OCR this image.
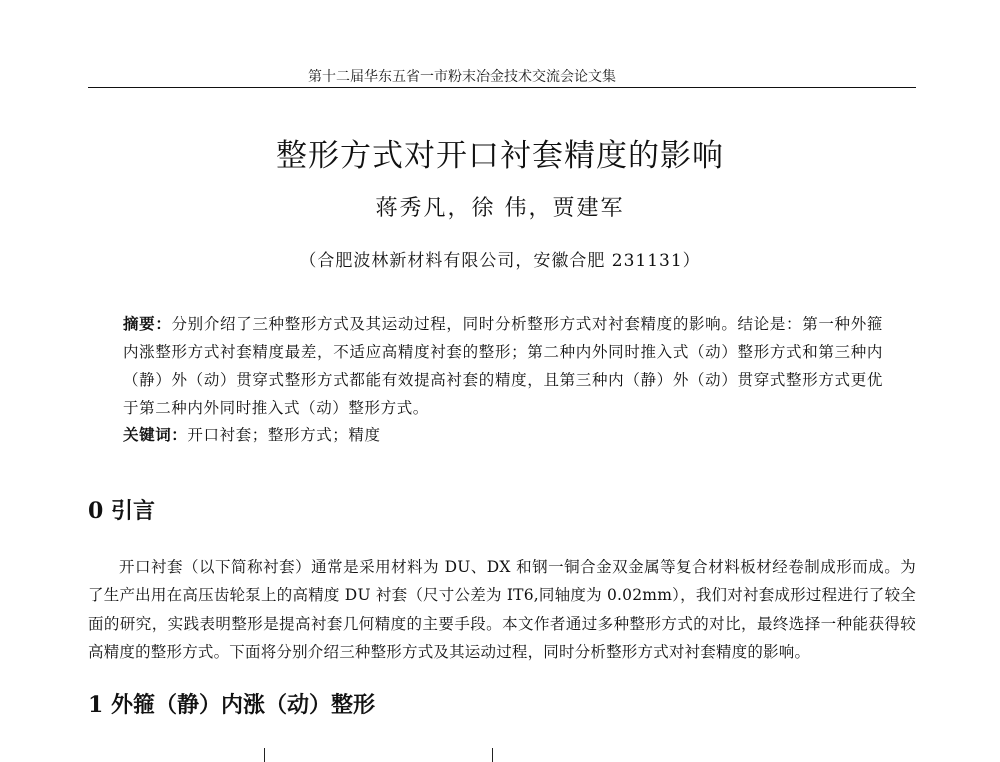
第十二届华东五省一市粉末冶金技术交流会论文集
整形方式对开口衬套精度的影响
蒋秀凡，徐 伟，贾建军
（合肥波林新材料有限公司，安徽合肥 231131）
摘要：分别介绍了三种整形方式及其运动过程，同时分析整形方式对衬套精度的影响。结论是：第一种外箍内涨整形方式衬套精度最差，不适应高精度衬套的整形；第二种内外同时推入式（动）整形方式和第三种内（静）外（动）贯穿式整形方式都能有效提高衬套的精度，且第三种内（静）外（动）贯穿式整形方式更优于第二种内外同时推入式（动）整形方式。
关键词：开口衬套；整形方式；精度
0 引言

开口衬套（以下简称衬套）通常是采用材料为 DU、DX 和钢一铜合金双金属等复合材料板材经卷制成形而成。为了生产出用在高压齿轮泵上的高精度 DU 衬套（尺寸公差为 IT6,同轴度为 0.02mm），我们对衬套成形过程进行了较全面的研究，实践表明整形是提高衬套几何精度的主要手段。本文作者通过多种整形方式的对比，最终选择一种能获得较高精度的整形方式。下面将分别介绍三种整形方式及其运动过程，同时分析整形方式对衬套精度的影响。

1 外箍（静）内涨（动）整形
